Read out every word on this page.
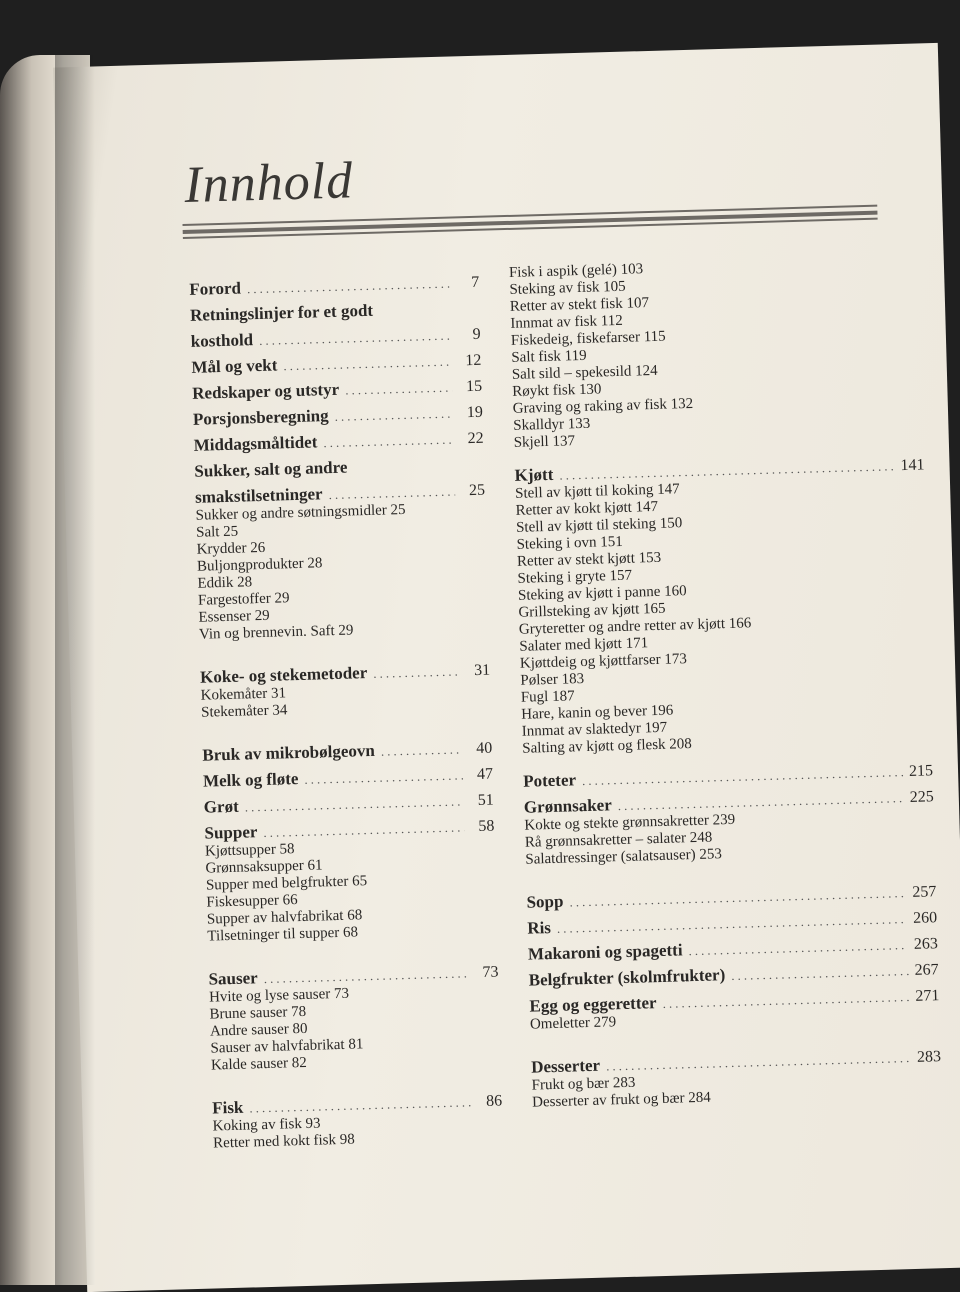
Innhold
Forord .....	7
Retningslinjer for et godt
kosthold .....	9
Mål og vekt .....	12
Redskaper og utstyr .....	15
Porsjonsberegning .....	19
Middagsmåltidet .....	22
Sukker, salt og andre
smakstilsetninger .....	25
Sukker og andre søtningsmidler 25
Salt 25
Krydder 26
Buljongprodukter 28
Eddik 28
Fargestoffer 29
Essenser 29
Vin og brennevin. Saft 29
Koke- og stekemetoder .....	31
Kokemåter 31
Stekemåter 34
Bruk av mikrobølgeovn .....	40
Melk og fløte .....	47
Grøt .....	51
Supper .....	58
Kjøttsupper 58
Grønnsaksupper 61
Supper med belgfrukter 65
Fiskesupper 66
Supper av halvfabrikat 68
Tilsetninger til supper 68
Sauser .....	73
Hvite og lyse sauser 73
Brune sauser 78
Andre sauser 80
Sauser av halvfabrikat 81
Kalde sauser 82
Fisk .....	86
Koking av fisk 93
Retter med kokt fisk 98
Fisk i aspik (gelé) 103
Steking av fisk 105
Retter av stekt fisk 107
Innmat av fisk 112
Fiskedeig, fiskefarser 115
Salt fisk 119
Salt sild – spekesild 124
Røykt fisk 130
Graving og raking av fisk 132
Skalldyr 133
Skjell 137
Kjøtt .....	141
Stell av kjøtt til koking 147
Retter av kokt kjøtt 147
Stell av kjøtt til steking 150
Steking i ovn 151
Retter av stekt kjøtt 153
Steking i gryte 157
Steking av kjøtt i panne 160
Grillsteking av kjøtt 165
Gryteretter og andre retter av kjøtt 166
Salater med kjøtt 171
Kjøttdeig og kjøttfarser 173
Pølser 183
Fugl 187
Hare, kanin og bever 196
Innmat av slaktedyr 197
Salting av kjøtt og flesk 208
Poteter .....	215
Grønnsaker .....	225
Kokte og stekte grønnsakretter 239
Rå grønnsakretter – salater 248
Salatdressinger (salatsauser) 253
Sopp .....	257
Ris .....	260
Makaroni og spagetti .....	263
Belgfrukter (skolmfrukter) .....	267
Egg og eggeretter .....	271
Omeletter 279
Desserter .....	283
Frukt og bær 283
Desserter av frukt og bær 284
